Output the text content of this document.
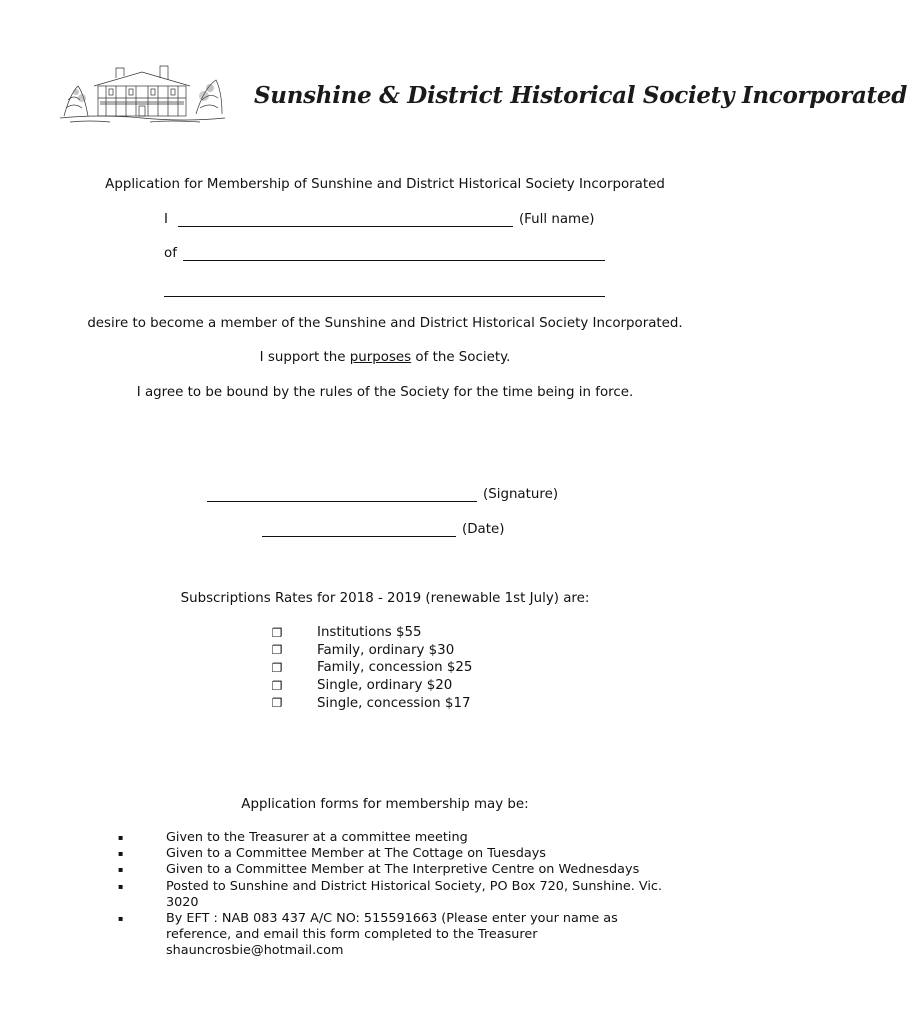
Sunshine & District Historical Society Incorporated
Application for Membership of Sunshine and District Historical Society Incorporated
I	(Full name)
of
desire to become a member of the Sunshine and District Historical Society Incorporated.
I support the purposes of the Society.
I agree to be bound by the rules of the Society for the time being in force.
(Signature)
(Date)
Subscriptions Rates for 2018 - 2019 (renewable 1st July) are:
❐	Institutions $55
❐	Family, ordinary $30
❐	Family, concession $25
❐	Single, ordinary $20
❐	Single, concession $17
Application forms for membership may be:
▪	Given to the Treasurer at a committee meeting
▪	Given to a Committee Member at The Cottage on Tuesdays
▪	Given to a Committee Member at The Interpretive Centre on Wednesdays
▪	Posted to Sunshine and District Historical Society, PO Box 720, Sunshine. Vic. 3020
▪	By EFT : NAB 083 437 A/C NO: 515591663 (Please enter your name as reference, and email this form completed to the Treasurer shauncrosbie@hotmail.com
